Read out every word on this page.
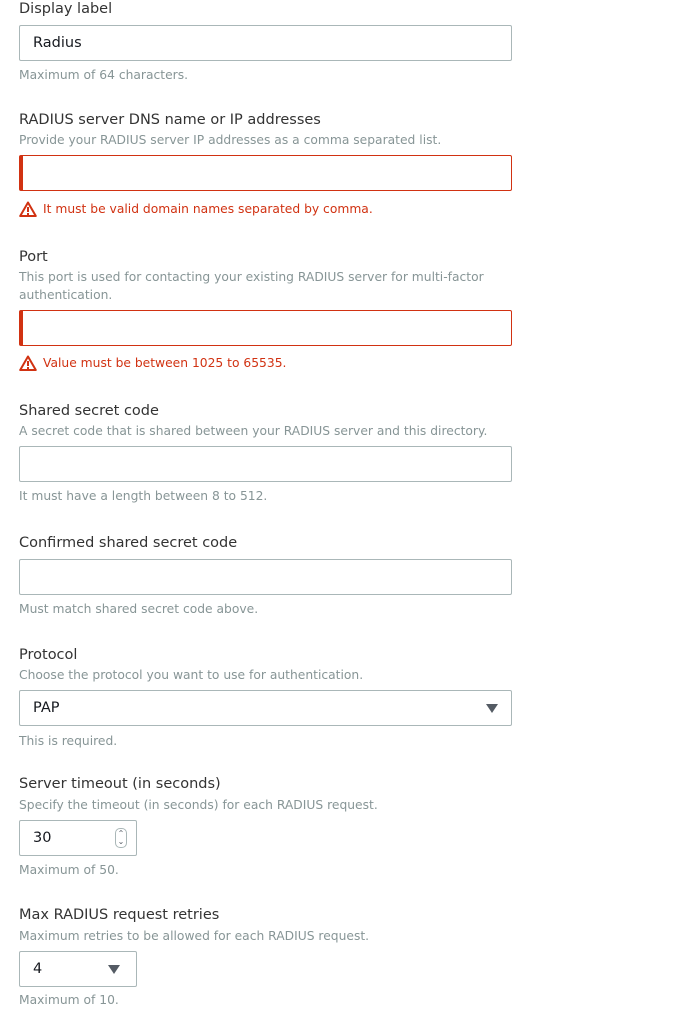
Display label
Radius
Maximum of 64 characters.
RADIUS server DNS name or IP addresses
Provide your RADIUS server IP addresses as a comma separated list.
It must be valid domain names separated by comma.
Port
This port is used for contacting your existing RADIUS server for multi-factor authentication.
Value must be between 1025 to 65535.
Shared secret code
A secret code that is shared between your RADIUS server and this directory.
It must have a length between 8 to 512.
Confirmed shared secret code
Must match shared secret code above.
Protocol
Choose the protocol you want to use for authentication.
PAP
This is required.
Server timeout (in seconds)
Specify the timeout (in seconds) for each RADIUS request.
30	⌃
⌄
Maximum of 50.
Max RADIUS request retries
Maximum retries to be allowed for each RADIUS request.
4
Maximum of 10.
